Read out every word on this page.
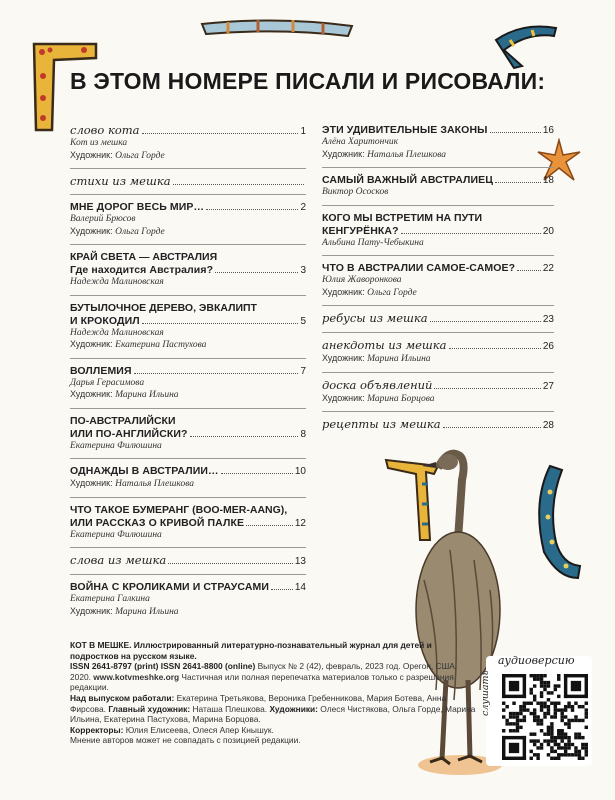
В ЭТОМ НОМЕРЕ ПИСАЛИ И РИСОВАЛИ:
слово кота	1
Кот из мешка
Художник: Ольга Горде
стихи из мешка
МНЕ ДОРОГ ВЕСЬ МИР…	2
Валерий Брюсов
Художник: Ольга Горде
КРАЙ СВЕТА — АВСТРАЛИЯ
Где находится Австралия?	3
Надежда Малиновская
БУТЫЛОЧНОЕ ДЕРЕВО, ЭВКАЛИПТ
И КРОКОДИЛ	5
Надежда Малиновская
Художник: Екатерина Пастухова
ВОЛЛЕМИЯ	7
Дарья Герасимова
Художник: Марина Ильина
ПО-АВСТРАЛИЙСКИ
ИЛИ ПО-АНГЛИЙСКИ?	8
Екатерина Филюшина
ОДНАЖДЫ В АВСТРАЛИИ…	10
Художник: Наталья Плешкова
ЧТО ТАКОЕ БУМЕРАНГ (BOO-MER-AANG),
ИЛИ РАССКАЗ О КРИВОЙ ПАЛКЕ	12
Екатерина Филюшина
слова из мешка	13
ВОЙНА С КРОЛИКАМИ И СТРАУСАМИ	14
Екатерина Галкина
Художник: Марина Ильина
ЭТИ УДИВИТЕЛЬНЫЕ ЗАКОНЫ	16
Алёна Харитончик
Художник: Наталья Плешкова
САМЫЙ ВАЖНЫЙ АВСТРАЛИЕЦ	18
Виктор Ососков
КОГО МЫ ВСТРЕТИМ НА ПУТИ
КЕНГУРЁНКА?	20
Альбина Пату-Чебыкина
ЧТО В АВСТРАЛИИ САМОЕ-САМОЕ?	22
Юлия Жаворонкова
Художник: Ольга Горде
ребусы из мешка	23
анекдоты из мешка	26
Художник: Марина Ильина
доска объявлений	27
Художник: Марина Борцова
рецепты из мешка	28
КОТ В МЕШКЕ. Иллюстрированный литературно-познавательный журнал для детей и подростков на русском языке.
ISSN 2641-8797 (print) ISSN 2641-8800 (online) Выпуск № 2 (42), февраль, 2023 год. Орегон, США, 2020. www.kotvmeshke.org Частичная или полная перепечатка материалов только с разрешения редакции.
Над выпуском работали: Екатерина Третьякова, Вероника Гребенникова, Мария Ботева, Анна Фирсова. Главный художник: Наташа Плешкова. Художники: Олеся Чистякова, Ольга Горде, Марина Ильина, Екатерина Пастухова, Марина Борцова.
Корректоры: Юлия Елисеева, Олеся Апер Кнышук.
Мнение авторов может не совпадать с позицией редакции.
аудиоверсию
слушать
